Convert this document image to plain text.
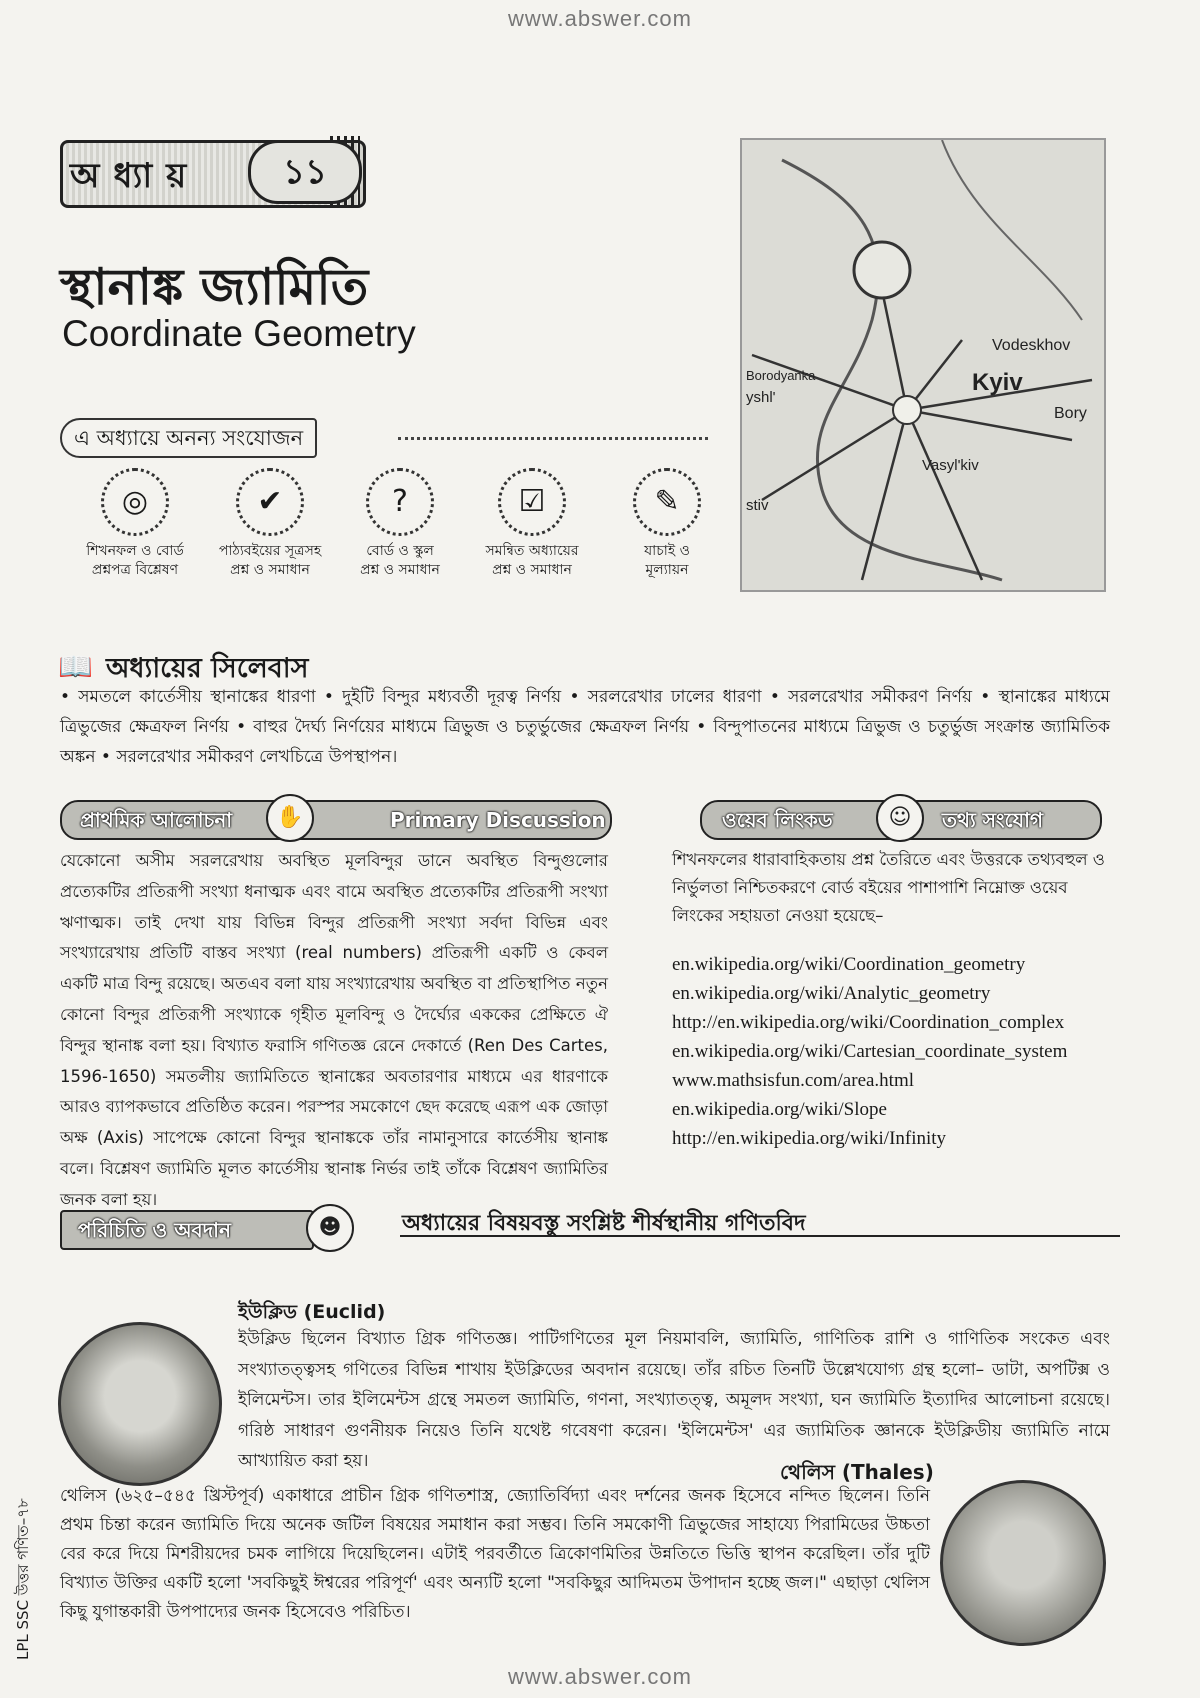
www.abswer.com
www.abswer.com
অধ্যায়	১১
স্থানাঙ্ক জ্যামিতি
Coordinate Geometry
Borodyanka	Kyiv
Vodeskhov
yshl'
Bory
Vasyl'kiv
stiv
এ অধ্যায়ে অনন্য সংযোজন
◎
শিখনফল ও বোর্ড
প্রশ্নপত্র বিশ্লেষণ
✔
পাঠ্যবইয়ের সূত্রসহ
প্রশ্ন ও সমাধান
?
বোর্ড ও স্কুল
প্রশ্ন ও সমাধান
☑
সমন্বিত অধ্যায়ের
প্রশ্ন ও সমাধান
✎
যাচাই ও
মূল্যায়ন
📖 অধ্যায়ের সিলেবাস
• সমতলে কার্তেসীয় স্থানাঙ্কের ধারণা • দুইটি বিন্দুর মধ্যবর্তী দূরত্ব নির্ণয় • সরলরেখার ঢালের ধারণা • সরলরেখার সমীকরণ নির্ণয় • স্থানাঙ্কের মাধ্যমে ত্রিভুজের ক্ষেত্রফল নির্ণয় • বাহুর দৈর্ঘ্য নির্ণয়ের মাধ্যমে ত্রিভুজ ও চতুর্ভুজের ক্ষেত্রফল নির্ণয় • বিন্দুপাতনের মাধ্যমে ত্রিভুজ ও চতুর্ভুজ সংক্রান্ত জ্যামিতিক অঙ্কন • সরলরেখার সমীকরণ লেখচিত্রে উপস্থাপন।
প্রাথমিক আলোচনা	Primary Discussion
✋
যেকোনো অসীম সরলরেখায় অবস্থিত মূলবিন্দুর ডানে অবস্থিত বিন্দুগুলোর প্রত্যেকটির প্রতিরূপী সংখ্যা ধনাত্মক এবং বামে অবস্থিত প্রত্যেকটির প্রতিরূপী সংখ্যা ঋণাত্মক। তাই দেখা যায় বিভিন্ন বিন্দুর প্রতিরূপী সংখ্যা সর্বদা বিভিন্ন এবং সংখ্যারেখায় প্রতিটি বাস্তব সংখ্যা (real numbers) প্রতিরূপী একটি ও কেবল একটি মাত্র বিন্দু রয়েছে। অতএব বলা যায় সংখ্যারেখায় অবস্থিত বা প্রতিস্থাপিত নতুন কোনো বিন্দুর প্রতিরূপী সংখ্যাকে গৃহীত মূলবিন্দু ও দৈর্ঘ্যের এককের প্রেক্ষিতে ঐ বিন্দুর স্থানাঙ্ক বলা হয়। বিখ্যাত ফরাসি গণিতজ্ঞ রেনে দেকার্তে (Ren Des Cartes, 1596-1650) সমতলীয় জ্যামিতিতে স্থানাঙ্কের অবতারণার মাধ্যমে এর ধারণাকে আরও ব্যাপকভাবে প্রতিষ্ঠিত করেন। পরস্পর সমকোণে ছেদ করেছে এরূপ এক জোড়া অক্ষ (Axis) সাপেক্ষে কোনো বিন্দুর স্থানাঙ্ককে তাঁর নামানুসারে কার্তেসীয় স্থানাঙ্ক বলে। বিশ্লেষণ জ্যামিতি মূলত কার্তেসীয় স্থানাঙ্ক নির্ভর তাই তাঁকে বিশ্লেষণ জ্যামিতির জনক বলা হয়।
ওয়েব লিংকড	তথ্য সংযোগ
☺
শিখনফলের ধারাবাহিকতায় প্রশ্ন তৈরিতে এবং উত্তরকে তথ্যবহুল ও নির্ভুলতা নিশ্চিতকরণে বোর্ড বইয়ের পাশাপাশি নিম্নোক্ত ওয়েব লিংকের সহায়তা নেওয়া হয়েছে–
en.wikipedia.org/wiki/Coordination_geometry
en.wikipedia.org/wiki/Analytic_geometry
http://en.wikipedia.org/wiki/Coordination_complex
en.wikipedia.org/wiki/Cartesian_coordinate_system
www.mathsisfun.com/area.html
en.wikipedia.org/wiki/Slope
http://en.wikipedia.org/wiki/Infinity
পরিচিতি ও অবদান	☻	অধ্যায়ের বিষয়বস্তু সংশ্লিষ্ট শীর্ষস্থানীয় গণিতবিদ
ইউক্লিড (Euclid)
ইউক্লিড ছিলেন বিখ্যাত গ্রিক গণিতজ্ঞ। পাটিগণিতের মূল নিয়মাবলি, জ্যামিতি, গাণিতিক রাশি ও গাণিতিক সংকেত এবং সংখ্যাতত্ত্বসহ গণিতের বিভিন্ন শাখায় ইউক্লিডের অবদান রয়েছে। তাঁর রচিত তিনটি উল্লেখযোগ্য গ্রন্থ হলো– ডাটা, অপটিক্স ও ইলিমেন্টস। তার ইলিমেন্টস গ্রন্থে সমতল জ্যামিতি, গণনা, সংখ্যাতত্ত্ব, অমূলদ সংখ্যা, ঘন জ্যামিতি ইত্যাদির আলোচনা রয়েছে। গরিষ্ঠ সাধারণ গুণনীয়ক নিয়েও তিনি যথেষ্ট গবেষণা করেন। 'ইলিমেন্টস' এর জ্যামিতিক জ্ঞানকে ইউক্লিডীয় জ্যামিতি নামে আখ্যায়িত করা হয়।	থেলিস (Thales)
থেলিস (৬২৫–৫৪৫ খ্রিস্টপূর্ব) একাধারে প্রাচীন গ্রিক গণিতশাস্ত্র, জ্যোতির্বিদ্যা এবং দর্শনের জনক হিসেবে নন্দিত ছিলেন। তিনি প্রথম চিন্তা করেন জ্যামিতি দিয়ে অনেক জটিল বিষয়ের সমাধান করা সম্ভব। তিনি সমকোণী ত্রিভুজের সাহায্যে পিরামিডের উচ্চতা বের করে দিয়ে মিশরীয়দের চমক লাগিয়ে দিয়েছিলেন। এটাই পরবর্তীতে ত্রিকোণমিতির উন্নতিতে ভিত্তি স্থাপন করেছিল। তাঁর দুটি বিখ্যাত উক্তির একটি হলো 'সবকিছুই ঈশ্বরের পরিপূর্ণ' এবং অন্যটি হলো "সবকিছুর আদিমতম উপাদান হচ্ছে জল।" এছাড়া থেলিস কিছু যুগান্তকারী উপপাদ্যের জনক হিসেবেও পরিচিত।
LPL SSC উত্তর গণিত–৭৮
